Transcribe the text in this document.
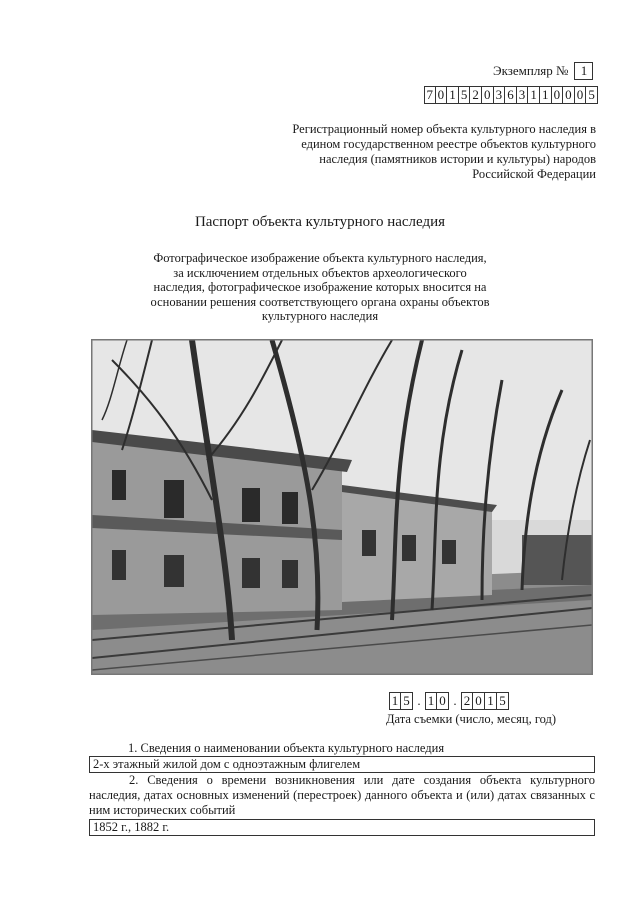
Экземпляр № 1
7 0 1 5 2 0 3 6 3 1 1 0 0 0 5
Регистрационный номер объекта культурного наследия в едином государственном реестре объектов культурного наследия (памятников истории и культуры) народов Российской Федерации
Паспорт объекта культурного наследия
Фотографическое изображение объекта культурного наследия, за исключением отдельных объектов археологического наследия, фотографическое изображение которых вносится на основании решения соответствующего органа охраны объектов культурного наследия
1 5 . 1 0 . 2 0 1 5
Дата съемки (число, месяц, год)
1. Сведения о наименовании объекта культурного наследия
2-х этажный жилой дом с одноэтажным флигелем
2. Сведения о времени возникновения или дате создания объекта культурного наследия, датах основных изменений (перестроек) данного объекта и (или) датах связанных с ним исторических событий
1852 г., 1882 г.
